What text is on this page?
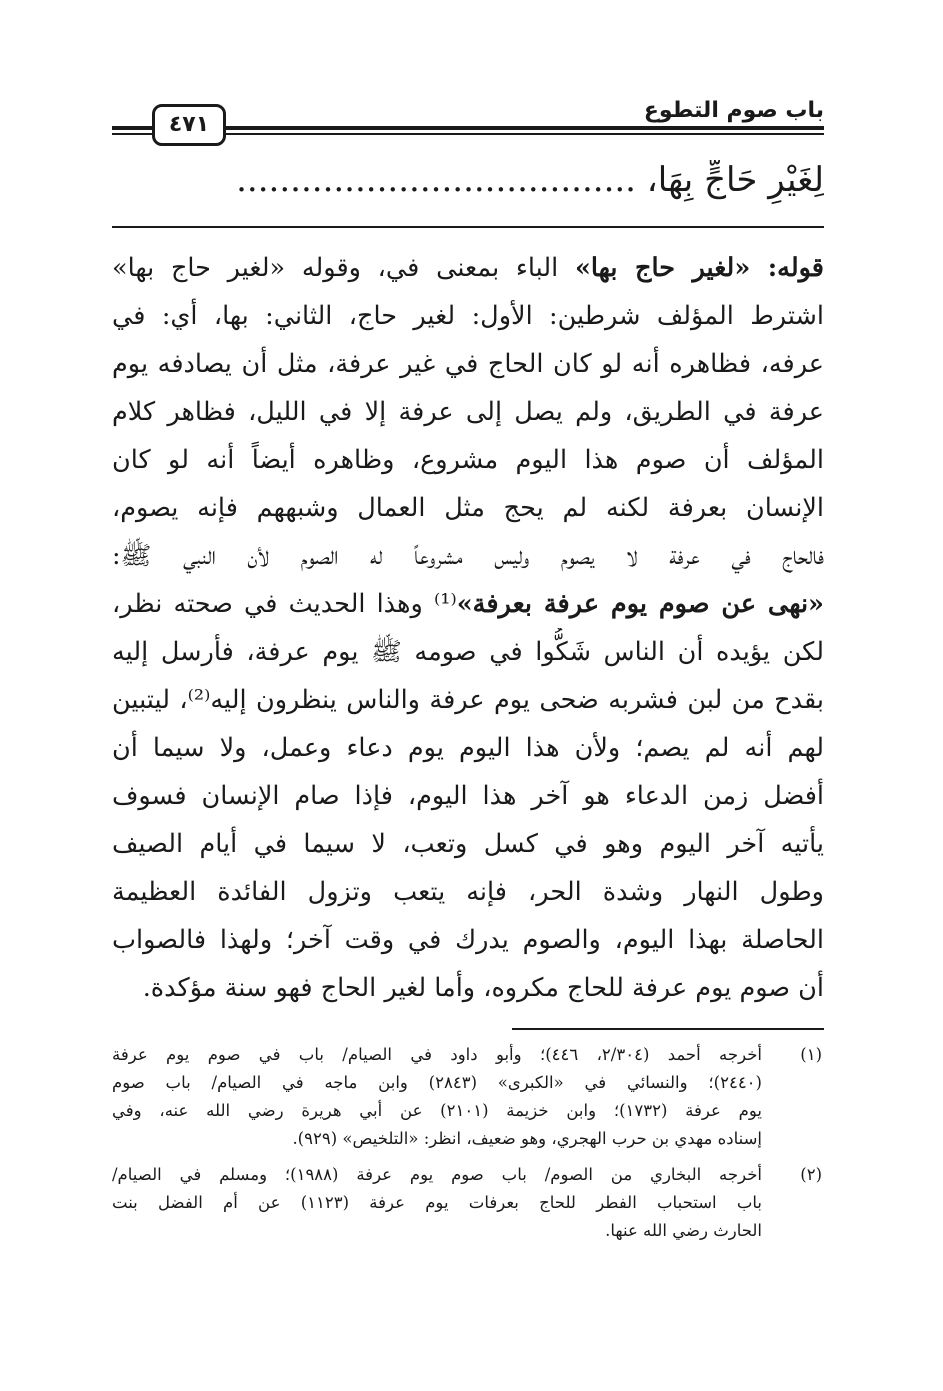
باب صوم التطوع
٤٧١
لِغَيْرِ حَاجٍّ بِهَا، .....................................
قوله: «لغير حاج بها» الباء بمعنى في، وقوله «لغير حاج بها»
اشترط المؤلف شرطين: الأول: لغير حاج، الثاني: بها، أي: في
عرفه، فظاهره أنه لو كان الحاج في غير عرفة، مثل أن يصادفه يوم
عرفة في الطريق، ولم يصل إلى عرفة إلا في الليل، فظاهر كلام
المؤلف أن صوم هذا اليوم مشروع، وظاهره أيضاً أنه لو كان
الإنسان بعرفة لكنه لم يحج مثل العمال وشبههم فإنه يصوم،
فالحاج في عرفة لا يصوم وليس مشروعاً له الصوم لأن النبي ﷺ:
«نهى عن صوم يوم عرفة بعرفة»⁽¹⁾ وهذا الحديث في صحته نظر،
لكن يؤيده أن الناس شَكُّوا في صومه ﷺ يوم عرفة، فأرسل إليه
بقدح من لبن فشربه ضحى يوم عرفة والناس ينظرون إليه⁽²⁾، ليتبين
لهم أنه لم يصم؛ ولأن هذا اليوم يوم دعاء وعمل، ولا سيما أن
أفضل زمن الدعاء هو آخر هذا اليوم، فإذا صام الإنسان فسوف
يأتيه آخر اليوم وهو في كسل وتعب، لا سيما في أيام الصيف
وطول النهار وشدة الحر، فإنه يتعب وتزول الفائدة العظيمة
الحاصلة بهذا اليوم، والصوم يدرك في وقت آخر؛ ولهذا فالصواب
أن صوم يوم عرفة للحاج مكروه، وأما لغير الحاج فهو سنة مؤكدة.
(١)
أخرجه أحمد (٢/٣٠٤، ٤٤٦)؛ وأبو داود في الصيام/ باب في صوم يوم عرفة
(٢٤٤٠)؛ والنسائي في «الكبرى» (٢٨٤٣) وابن ماجه في الصيام/ باب صوم
يوم عرفة (١٧٣٢)؛ وابن خزيمة (٢١٠١) عن أبي هريرة رضي الله عنه، وفي
إسناده مهدي بن حرب الهجري، وهو ضعيف، انظر: «التلخيص» (٩٢٩).
(٢)
أخرجه البخاري من الصوم/ باب صوم يوم عرفة (١٩٨٨)؛ ومسلم في الصيام/
باب استحباب الفطر للحاج بعرفات يوم عرفة (١١٢٣) عن أم الفضل بنت
الحارث رضي الله عنها.
